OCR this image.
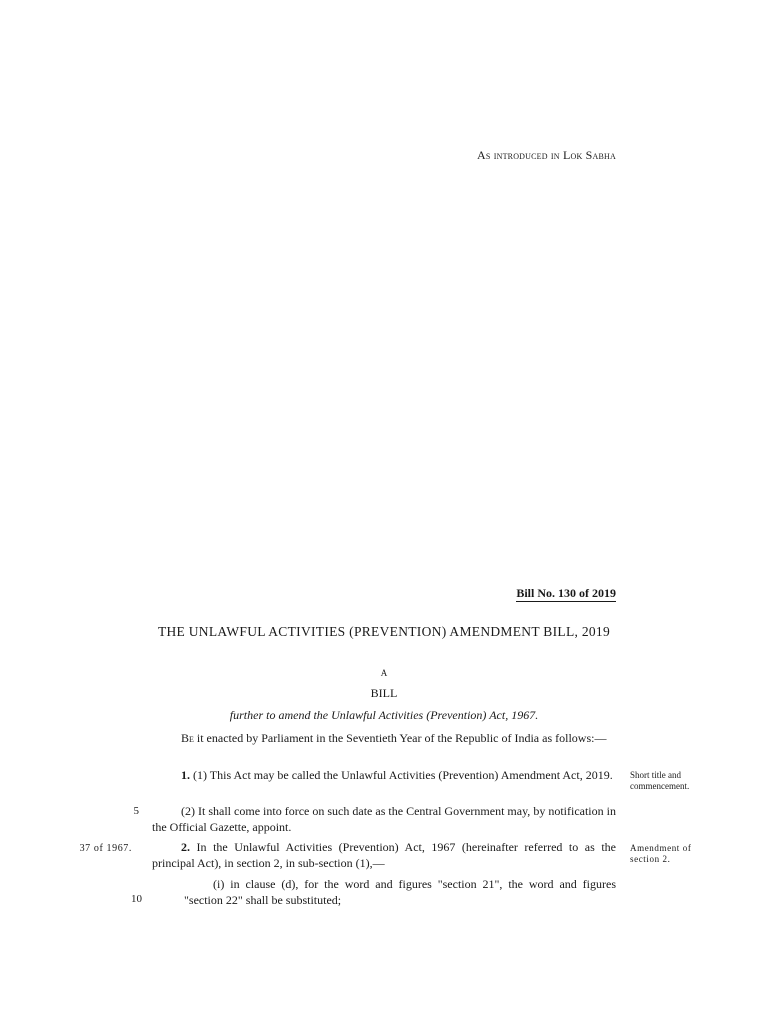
As introduced in Lok Sabha
Bill No. 130 of 2019
THE UNLAWFUL ACTIVITIES (PREVENTION) AMENDMENT BILL, 2019
A
BILL
further to amend the Unlawful Activities (Prevention) Act, 1967.
Be it enacted by Parliament in the Seventieth Year of the Republic of India as follows:—
1. (1) This Act may be called the Unlawful Activities (Prevention) Amendment Act, 2019.
(2) It shall come into force on such date as the Central Government may, by notification in the Official Gazette, appoint.
2. In the Unlawful Activities (Prevention) Act, 1967 (hereinafter referred to as the principal Act), in section 2, in sub-section (1),—
(i) in clause (d), for the word and figures "section 21", the word and figures "section 22" shall be substituted;
Short title and commencement.
Amendment of section 2.
37 of 1967.
5
10
